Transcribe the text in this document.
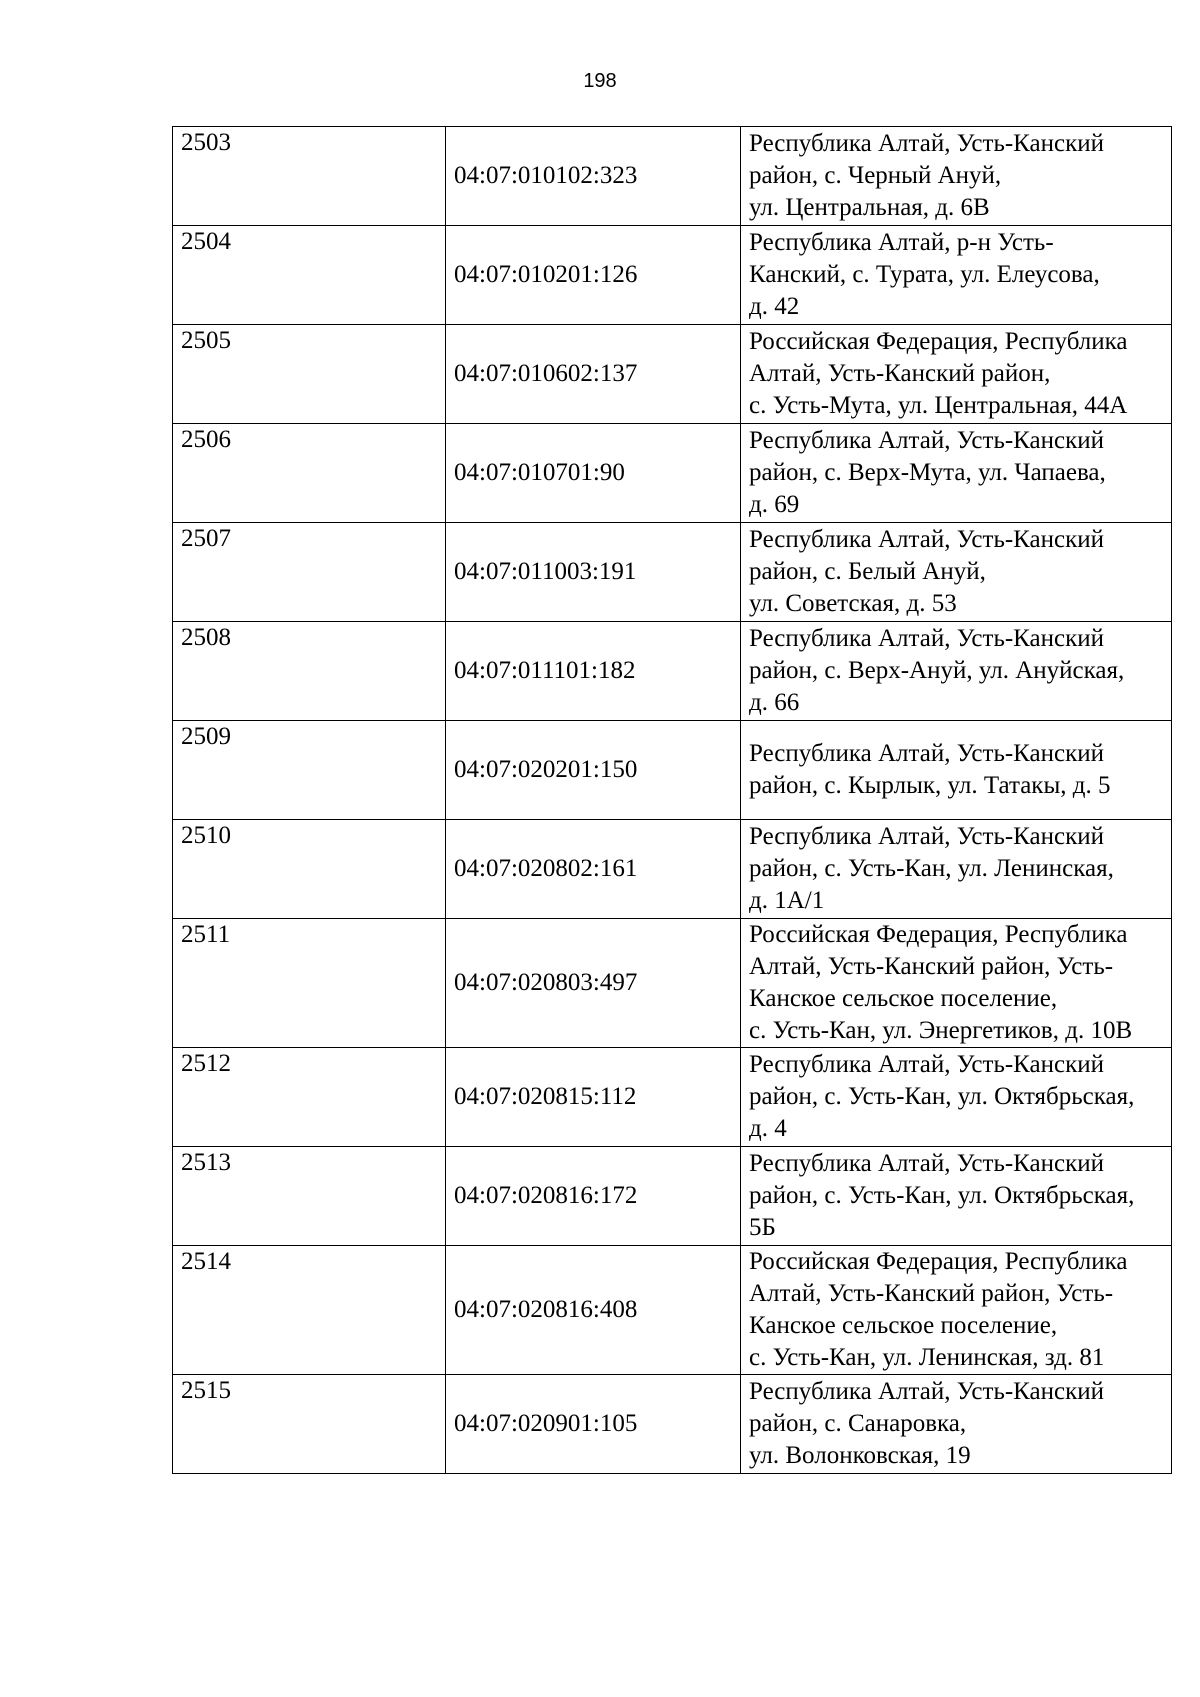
198
2503	04:07:010102:323	Республика Алтай, Усть-Канский
район, с. Черный Ануй,
ул. Центральная, д. 6В

2504	04:07:010201:126	Республика Алтай, р-н Усть-
Канский, с. Турата, ул. Елеусова,
д. 42

2505	04:07:010602:137	Российская Федерация, Республика
Алтай, Усть-Канский район,
с. Усть-Мута, ул. Центральная, 44А

2506	04:07:010701:90	Республика Алтай, Усть-Канский
район, с. Верх-Мута, ул. Чапаева,
д. 69

2507	04:07:011003:191	Республика Алтай, Усть-Канский
район, с. Белый Ануй,
ул. Советская, д. 53

2508	04:07:011101:182	Республика Алтай, Усть-Канский
район, с. Верх-Ануй, ул. Ануйская,
д. 66

2509	04:07:020201:150	Республика Алтай, Усть-Канский
район, с. Кырлык, ул. Татакы, д. 5

2510	04:07:020802:161	Республика Алтай, Усть-Канский
район, с. Усть-Кан, ул. Ленинская,
д. 1А/1

2511	04:07:020803:497	Российская Федерация, Республика
Алтай, Усть-Канский район, Усть-
Канское сельское поселение,
с. Усть-Кан, ул. Энергетиков, д. 10В

2512	04:07:020815:112	Республика Алтай, Усть-Канский
район, с. Усть-Кан, ул. Октябрьская,
д. 4

2513	04:07:020816:172	Республика Алтай, Усть-Канский
район, с. Усть-Кан, ул. Октябрьская,
5Б

2514	04:07:020816:408	Российская Федерация, Республика
Алтай, Усть-Канский район, Усть-
Канское сельское поселение,
с. Усть-Кан, ул. Ленинская, зд. 81

2515	04:07:020901:105	Республика Алтай, Усть-Канский
район, с. Санаровка,
ул. Волонковская, 19
